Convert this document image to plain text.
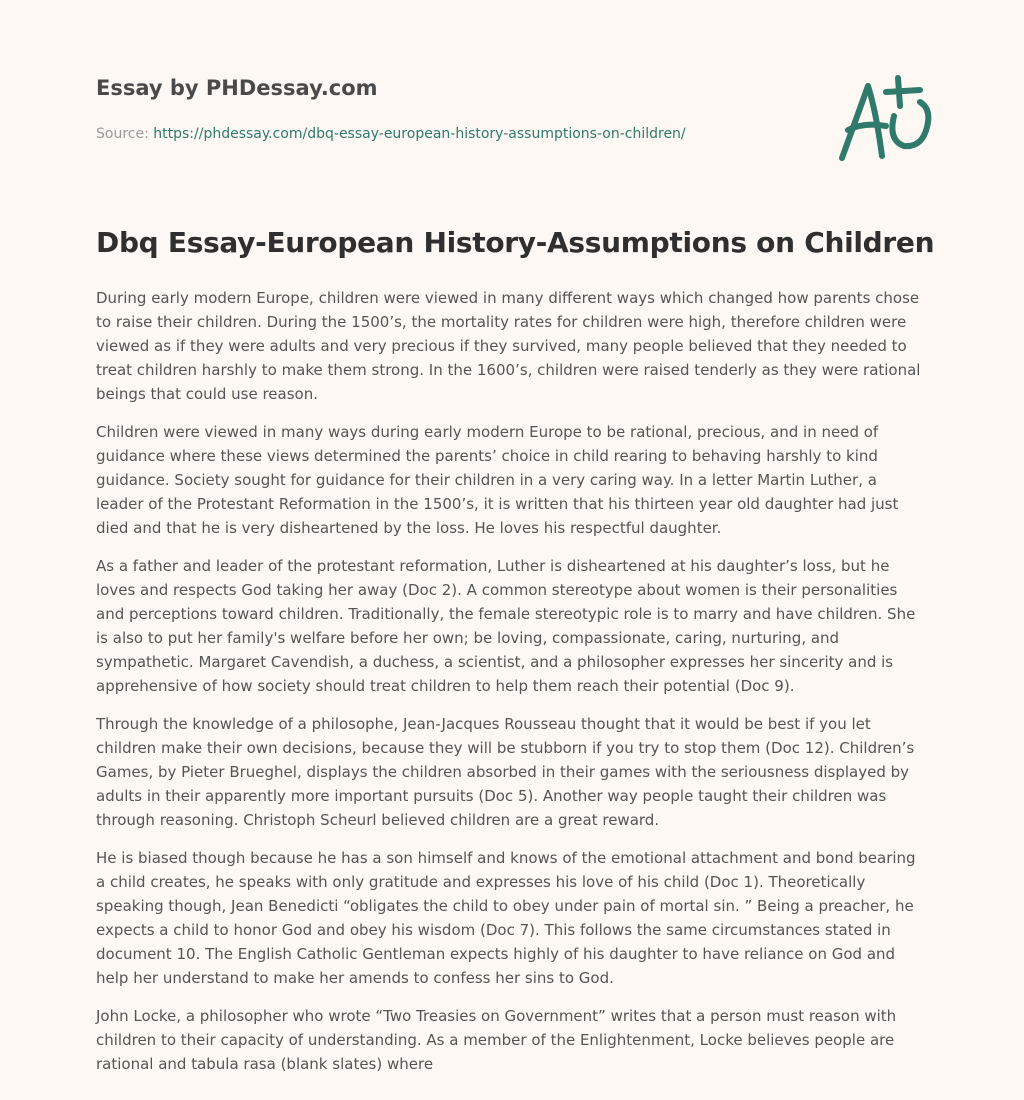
Essay by PHDessay.com
Source: https://phdessay.com/dbq-essay-european-history-assumptions-on-children/
Dbq Essay-European History-Assumptions on Children

During early modern Europe, children were viewed in many different ways which changed how parents chose to raise their children. During the 1500’s, the mortality rates for children were high, therefore children were viewed as if they were adults and very precious if they survived, many people believed that they needed to treat children harshly to make them strong. In the 1600’s, children were raised tenderly as they were rational beings that could use reason.

Children were viewed in many ways during early modern Europe to be rational, precious, and in need of guidance where these views determined the parents’ choice in child rearing to behaving harshly to kind guidance. Society sought for guidance for their children in a very caring way. In a letter Martin Luther, a leader of the Protestant Reformation in the 1500’s, it is written that his thirteen year old daughter had just died and that he is very disheartened by the loss. He loves his respectful daughter.

As a father and leader of the protestant reformation, Luther is disheartened at his daughter’s loss, but he loves and respects God taking her away (Doc 2). A common stereotype about women is their personalities and perceptions toward children. Traditionally, the female stereotypic role is to marry and have children. She is also to put her family's welfare before her own; be loving, compassionate, caring, nurturing, and sympathetic. Margaret Cavendish, a duchess, a scientist, and a philosopher expresses her sincerity and is apprehensive of how society should treat children to help them reach their potential (Doc 9).

Through the knowledge of a philosophe, Jean-Jacques Rousseau thought that it would be best if you let children make their own decisions, because they will be stubborn if you try to stop them (Doc 12). Children’s Games, by Pieter Brueghel, displays the children absorbed in their games with the seriousness displayed by adults in their apparently more important pursuits (Doc 5). Another way people taught their children was through reasoning. Christoph Scheurl believed children are a great reward.

He is biased though because he has a son himself and knows of the emotional attachment and bond bearing a child creates, he speaks with only gratitude and expresses his love of his child (Doc 1). Theoretically speaking though, Jean Benedicti “obligates the child to obey under pain of mortal sin. ” Being a preacher, he expects a child to honor God and obey his wisdom (Doc 7). This follows the same circumstances stated in document 10. The English Catholic Gentleman expects highly of his daughter to have reliance on God and help her understand to make her amends to confess her sins to God.

John Locke, a philosopher who wrote “Two Treasies on Government” writes that a person must reason with children to their capacity of understanding. As a member of the Enlightenment, Locke believes people are rational and tabula rasa (blank slates) where
